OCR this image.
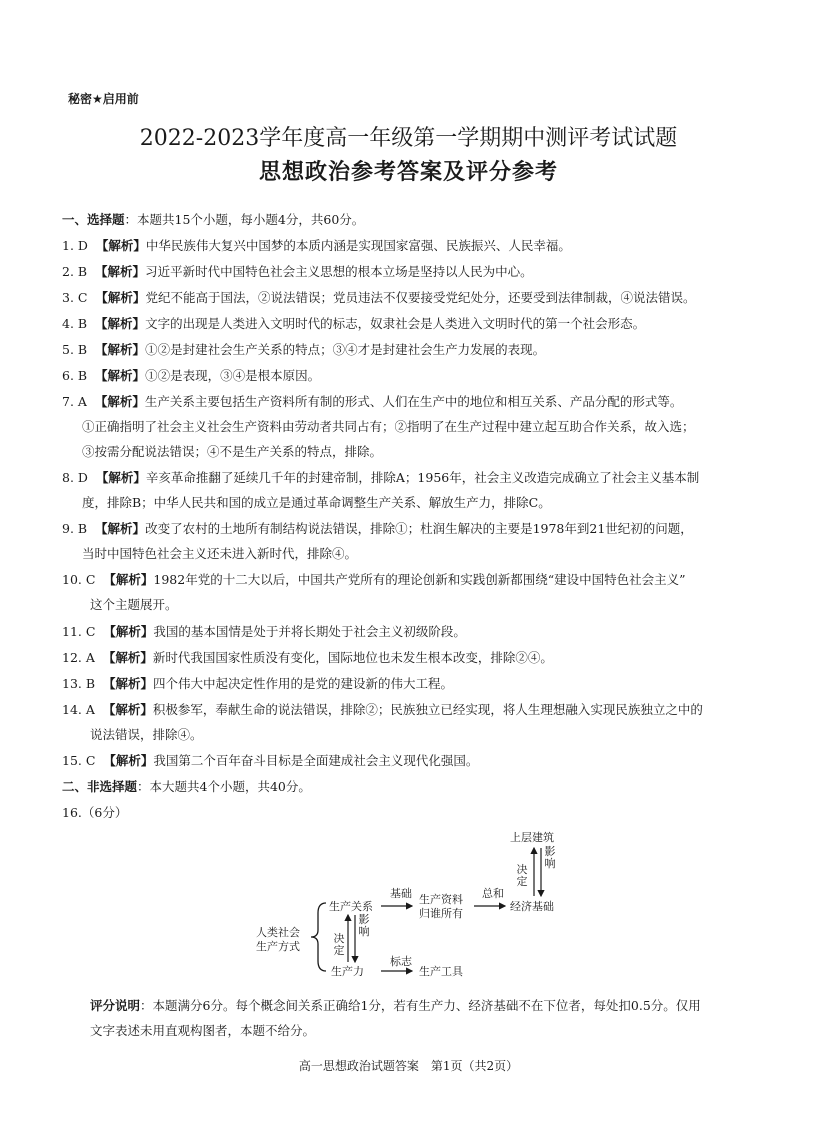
秘密★启用前
2022-2023学年度高一年级第一学期期中测评考试试题
思想政治参考答案及评分参考
一、选择题：本题共15个小题，每小题4分，共60分。
1. D 【解析】中华民族伟大复兴中国梦的本质内涵是实现国家富强、民族振兴、人民幸福。
2. B 【解析】习近平新时代中国特色社会主义思想的根本立场是坚持以人民为中心。
3. C 【解析】党纪不能高于国法，②说法错误；党员违法不仅要接受党纪处分，还要受到法律制裁，④说法错误。
4. B 【解析】文字的出现是人类进入文明时代的标志，奴隶社会是人类进入文明时代的第一个社会形态。
5. B 【解析】①②是封建社会生产关系的特点；③④才是封建社会生产力发展的表现。
6. B 【解析】①②是表现，③④是根本原因。
7. A 【解析】生产关系主要包括生产资料所有制的形式、人们在生产中的地位和相互关系、产品分配的形式等。
①正确指明了社会主义社会生产资料由劳动者共同占有；②指明了在生产过程中建立起互助合作关系，故入选；
③按需分配说法错误；④不是生产关系的特点，排除。
8. D 【解析】辛亥革命推翻了延续几千年的封建帝制，排除A；1956年，社会主义改造完成确立了社会主义基本制
度，排除B；中华人民共和国的成立是通过革命调整生产关系、解放生产力，排除C。
9. B 【解析】改变了农村的土地所有制结构说法错误，排除①；杜润生解决的主要是1978年到21世纪初的问题，
当时中国特色社会主义还未进入新时代，排除④。
10. C 【解析】1982年党的十二大以后，中国共产党所有的理论创新和实践创新都围绕“建设中国特色社会主义”
这个主题展开。
11. C 【解析】我国的基本国情是处于并将长期处于社会主义初级阶段。
12. A 【解析】新时代我国国家性质没有变化，国际地位也未发生根本改变，排除②④。
13. B 【解析】四个伟大中起决定性作用的是党的建设新的伟大工程。
14. A 【解析】积极参军，奉献生命的说法错误，排除②；民族独立已经实现，将人生理想融入实现民族独立之中的
说法错误，排除④。
15. C 【解析】我国第二个百年奋斗目标是全面建成社会主义现代化强国。
二、非选择题：本大题共4个小题，共40分。
16.（6分）
上层建筑
影响
决定
生产关系
基础 生产资料
归谁所有
总和
经济基础
人类社会
生产方式
影响
决定
生产力
标志
生产工具
评分说明：本题满分6分。每个概念间关系正确给1分，若有生产力、经济基础不在下位者，每处扣0.5分。仅用
文字表述未用直观构图者，本题不给分。
高一思想政治试题答案　第1页（共2页）
